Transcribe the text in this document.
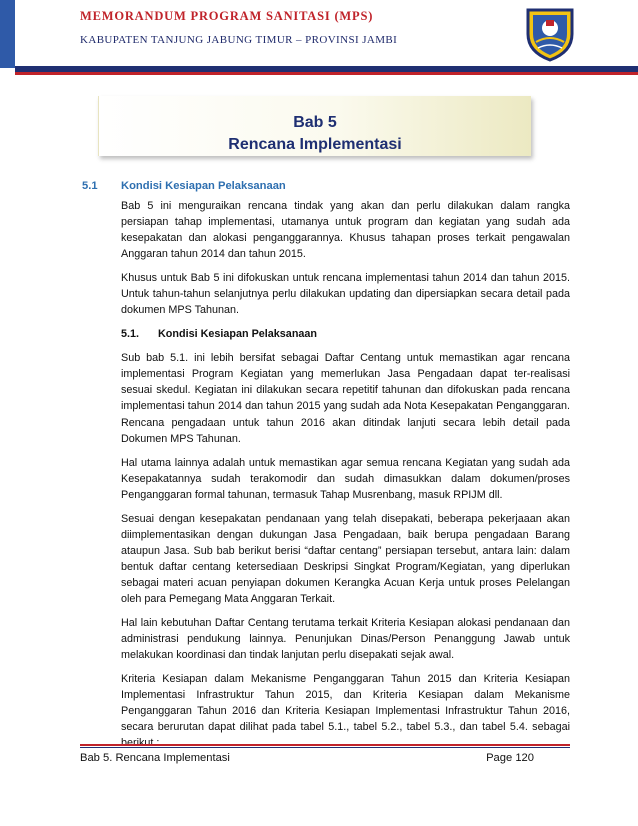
MEMORANDUM PROGRAM SANITASI (MPS)
KABUPATEN TANJUNG JABUNG TIMUR – PROVINSI JAMBI
Bab 5
Rencana Implementasi
5.1 Kondisi Kesiapan Pelaksanaan

Bab 5 ini menguraikan rencana tindak yang akan dan perlu dilakukan dalam rangka persiapan tahap implementasi, utamanya untuk program dan kegiatan yang sudah ada kesepakatan dan alokasi penganggarannya. Khusus tahapan proses terkait pengawalan Anggaran tahun 2014 dan tahun 2015.

Khusus untuk Bab 5 ini difokuskan untuk rencana implementasi tahun 2014 dan tahun 2015. Untuk tahun-tahun selanjutnya perlu dilakukan updating dan dipersiapkan secara detail pada dokumen MPS Tahunan.

5.1. Kondisi Kesiapan Pelaksanaan

Sub bab 5.1. ini lebih bersifat sebagai Daftar Centang untuk memastikan agar rencana implementasi Program Kegiatan yang memerlukan Jasa Pengadaan dapat ter-realisasi sesuai skedul. Kegiatan ini dilakukan secara repetitif tahunan dan difokuskan pada rencana implementasi tahun 2014 dan tahun 2015 yang sudah ada Nota Kesepakatan Penganggaran. Rencana pengadaan untuk tahun 2016 akan ditindak lanjuti secara lebih detail pada Dokumen MPS Tahunan.

Hal utama lainnya adalah untuk memastikan agar semua rencana Kegiatan yang sudah ada Kesepakatannya sudah terakomodir dan sudah dimasukkan dalam dokumen/proses Penganggaran formal tahunan, termasuk Tahap Musrenbang, masuk RPIJM dll.

Sesuai dengan kesepakatan pendanaan yang telah disepakati, beberapa pekerjaaan akan diimplementasikan dengan dukungan Jasa Pengadaan, baik berupa pengadaan Barang ataupun Jasa. Sub bab berikut berisi “daftar centang” persiapan tersebut, antara lain: dalam bentuk daftar centang ketersediaan Deskripsi Singkat Program/Kegiatan, yang diperlukan sebagai materi acuan penyiapan dokumen Kerangka Acuan Kerja untuk proses Pelelangan oleh para Pemegang Mata Anggaran Terkait.

Hal lain kebutuhan Daftar Centang terutama terkait Kriteria Kesiapan alokasi pendanaan dan administrasi pendukung lainnya. Penunjukan Dinas/Person Penanggung Jawab untuk melakukan koordinasi dan tindak lanjutan perlu disepakati sejak awal.

Kriteria Kesiapan dalam Mekanisme Penganggaran Tahun 2015 dan Kriteria Kesiapan Implementasi Infrastruktur Tahun 2015, dan Kriteria Kesiapan dalam Mekanisme Penganggaran Tahun 2016 dan Kriteria Kesiapan Implementasi Infrastruktur Tahun 2016, secara berurutan dapat dilihat pada tabel 5.1., tabel 5.2., tabel 5.3., dan tabel 5.4. sebagai

Bab 5. Rencana Implementasi	Page 120
